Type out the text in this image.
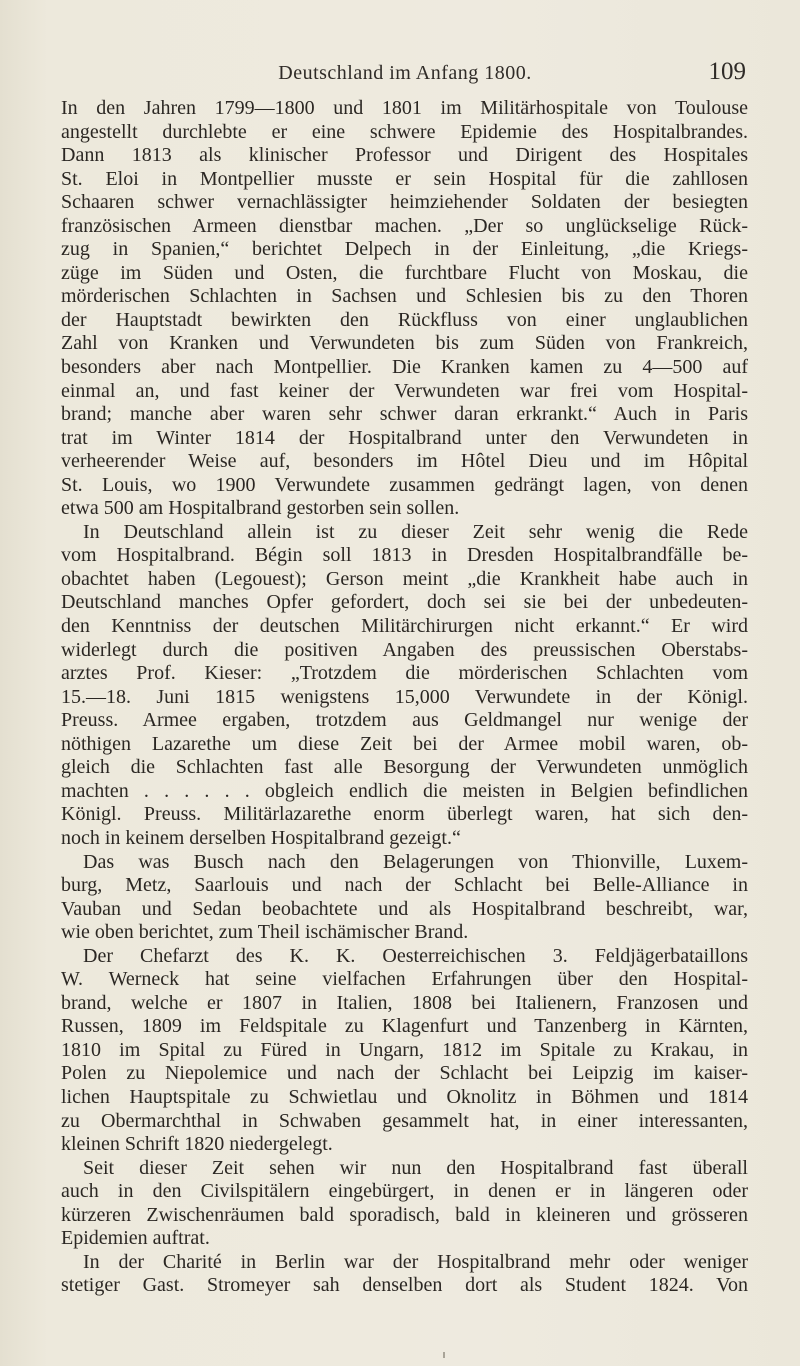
Deutschland im Anfang 1800.	109
In den Jahren 1799—1800 und 1801 im Militärhospitale von Toulouse
angestellt durchlebte er eine schwere Epidemie des Hospitalbrandes.
Dann 1813 als klinischer Professor und Dirigent des Hospitales
St. Eloi in Montpellier musste er sein Hospital für die zahllosen
Schaaren schwer vernachlässigter heimziehender Soldaten der besiegten
französischen Armeen dienstbar machen. „Der so unglückselige Rück-
zug in Spanien,“ berichtet Delpech in der Einleitung, „die Kriegs-
züge im Süden und Osten, die furchtbare Flucht von Moskau, die
mörderischen Schlachten in Sachsen und Schlesien bis zu den Thoren
der Hauptstadt bewirkten den Rückfluss von einer unglaublichen
Zahl von Kranken und Verwundeten bis zum Süden von Frankreich,
besonders aber nach Montpellier. Die Kranken kamen zu 4—500 auf
einmal an, und fast keiner der Verwundeten war frei vom Hospital-
brand; manche aber waren sehr schwer daran erkrankt.“ Auch in Paris
trat im Winter 1814 der Hospitalbrand unter den Verwundeten in
verheerender Weise auf, besonders im Hôtel Dieu und im Hôpital
St. Louis, wo 1900 Verwundete zusammen gedrängt lagen, von denen
etwa 500 am Hospitalbrand gestorben sein sollen.
In Deutschland allein ist zu dieser Zeit sehr wenig die Rede
vom Hospitalbrand. Bégin soll 1813 in Dresden Hospitalbrandfälle be-
obachtet haben (Legouest); Gerson meint „die Krankheit habe auch in
Deutschland manches Opfer gefordert, doch sei sie bei der unbedeuten-
den Kenntniss der deutschen Militärchirurgen nicht erkannt.“ Er wird
widerlegt durch die positiven Angaben des preussischen Oberstabs-
arztes Prof. Kieser: „Trotzdem die mörderischen Schlachten vom
15.—18. Juni 1815 wenigstens 15,000 Verwundete in der Königl.
Preuss. Armee ergaben, trotzdem aus Geldmangel nur wenige der
nöthigen Lazarethe um diese Zeit bei der Armee mobil waren, ob-
gleich die Schlachten fast alle Besorgung der Verwundeten unmöglich
machten . . . . . . obgleich endlich die meisten in Belgien befindlichen
Königl. Preuss. Militärlazarethe enorm überlegt waren, hat sich den-
noch in keinem derselben Hospitalbrand gezeigt.“
Das was Busch nach den Belagerungen von Thionville, Luxem-
burg, Metz, Saarlouis und nach der Schlacht bei Belle-Alliance in
Vauban und Sedan beobachtete und als Hospitalbrand beschreibt, war,
wie oben berichtet, zum Theil ischämischer Brand.
Der Chefarzt des K. K. Oesterreichischen 3. Feldjägerbataillons
W. Werneck hat seine vielfachen Erfahrungen über den Hospital-
brand, welche er 1807 in Italien, 1808 bei Italienern, Franzosen und
Russen, 1809 im Feldspitale zu Klagenfurt und Tanzenberg in Kärnten,
1810 im Spital zu Füred in Ungarn, 1812 im Spitale zu Krakau, in
Polen zu Niepolemice und nach der Schlacht bei Leipzig im kaiser-
lichen Hauptspitale zu Schwietlau und Oknolitz in Böhmen und 1814
zu Obermarchthal in Schwaben gesammelt hat, in einer interessanten,
kleinen Schrift 1820 niedergelegt.
Seit dieser Zeit sehen wir nun den Hospitalbrand fast überall
auch in den Civilspitälern eingebürgert, in denen er in längeren oder
kürzeren Zwischenräumen bald sporadisch, bald in kleineren und grösseren
Epidemien auftrat.
In der Charité in Berlin war der Hospitalbrand mehr oder weniger
stetiger Gast. Stromeyer sah denselben dort als Student 1824. Von
